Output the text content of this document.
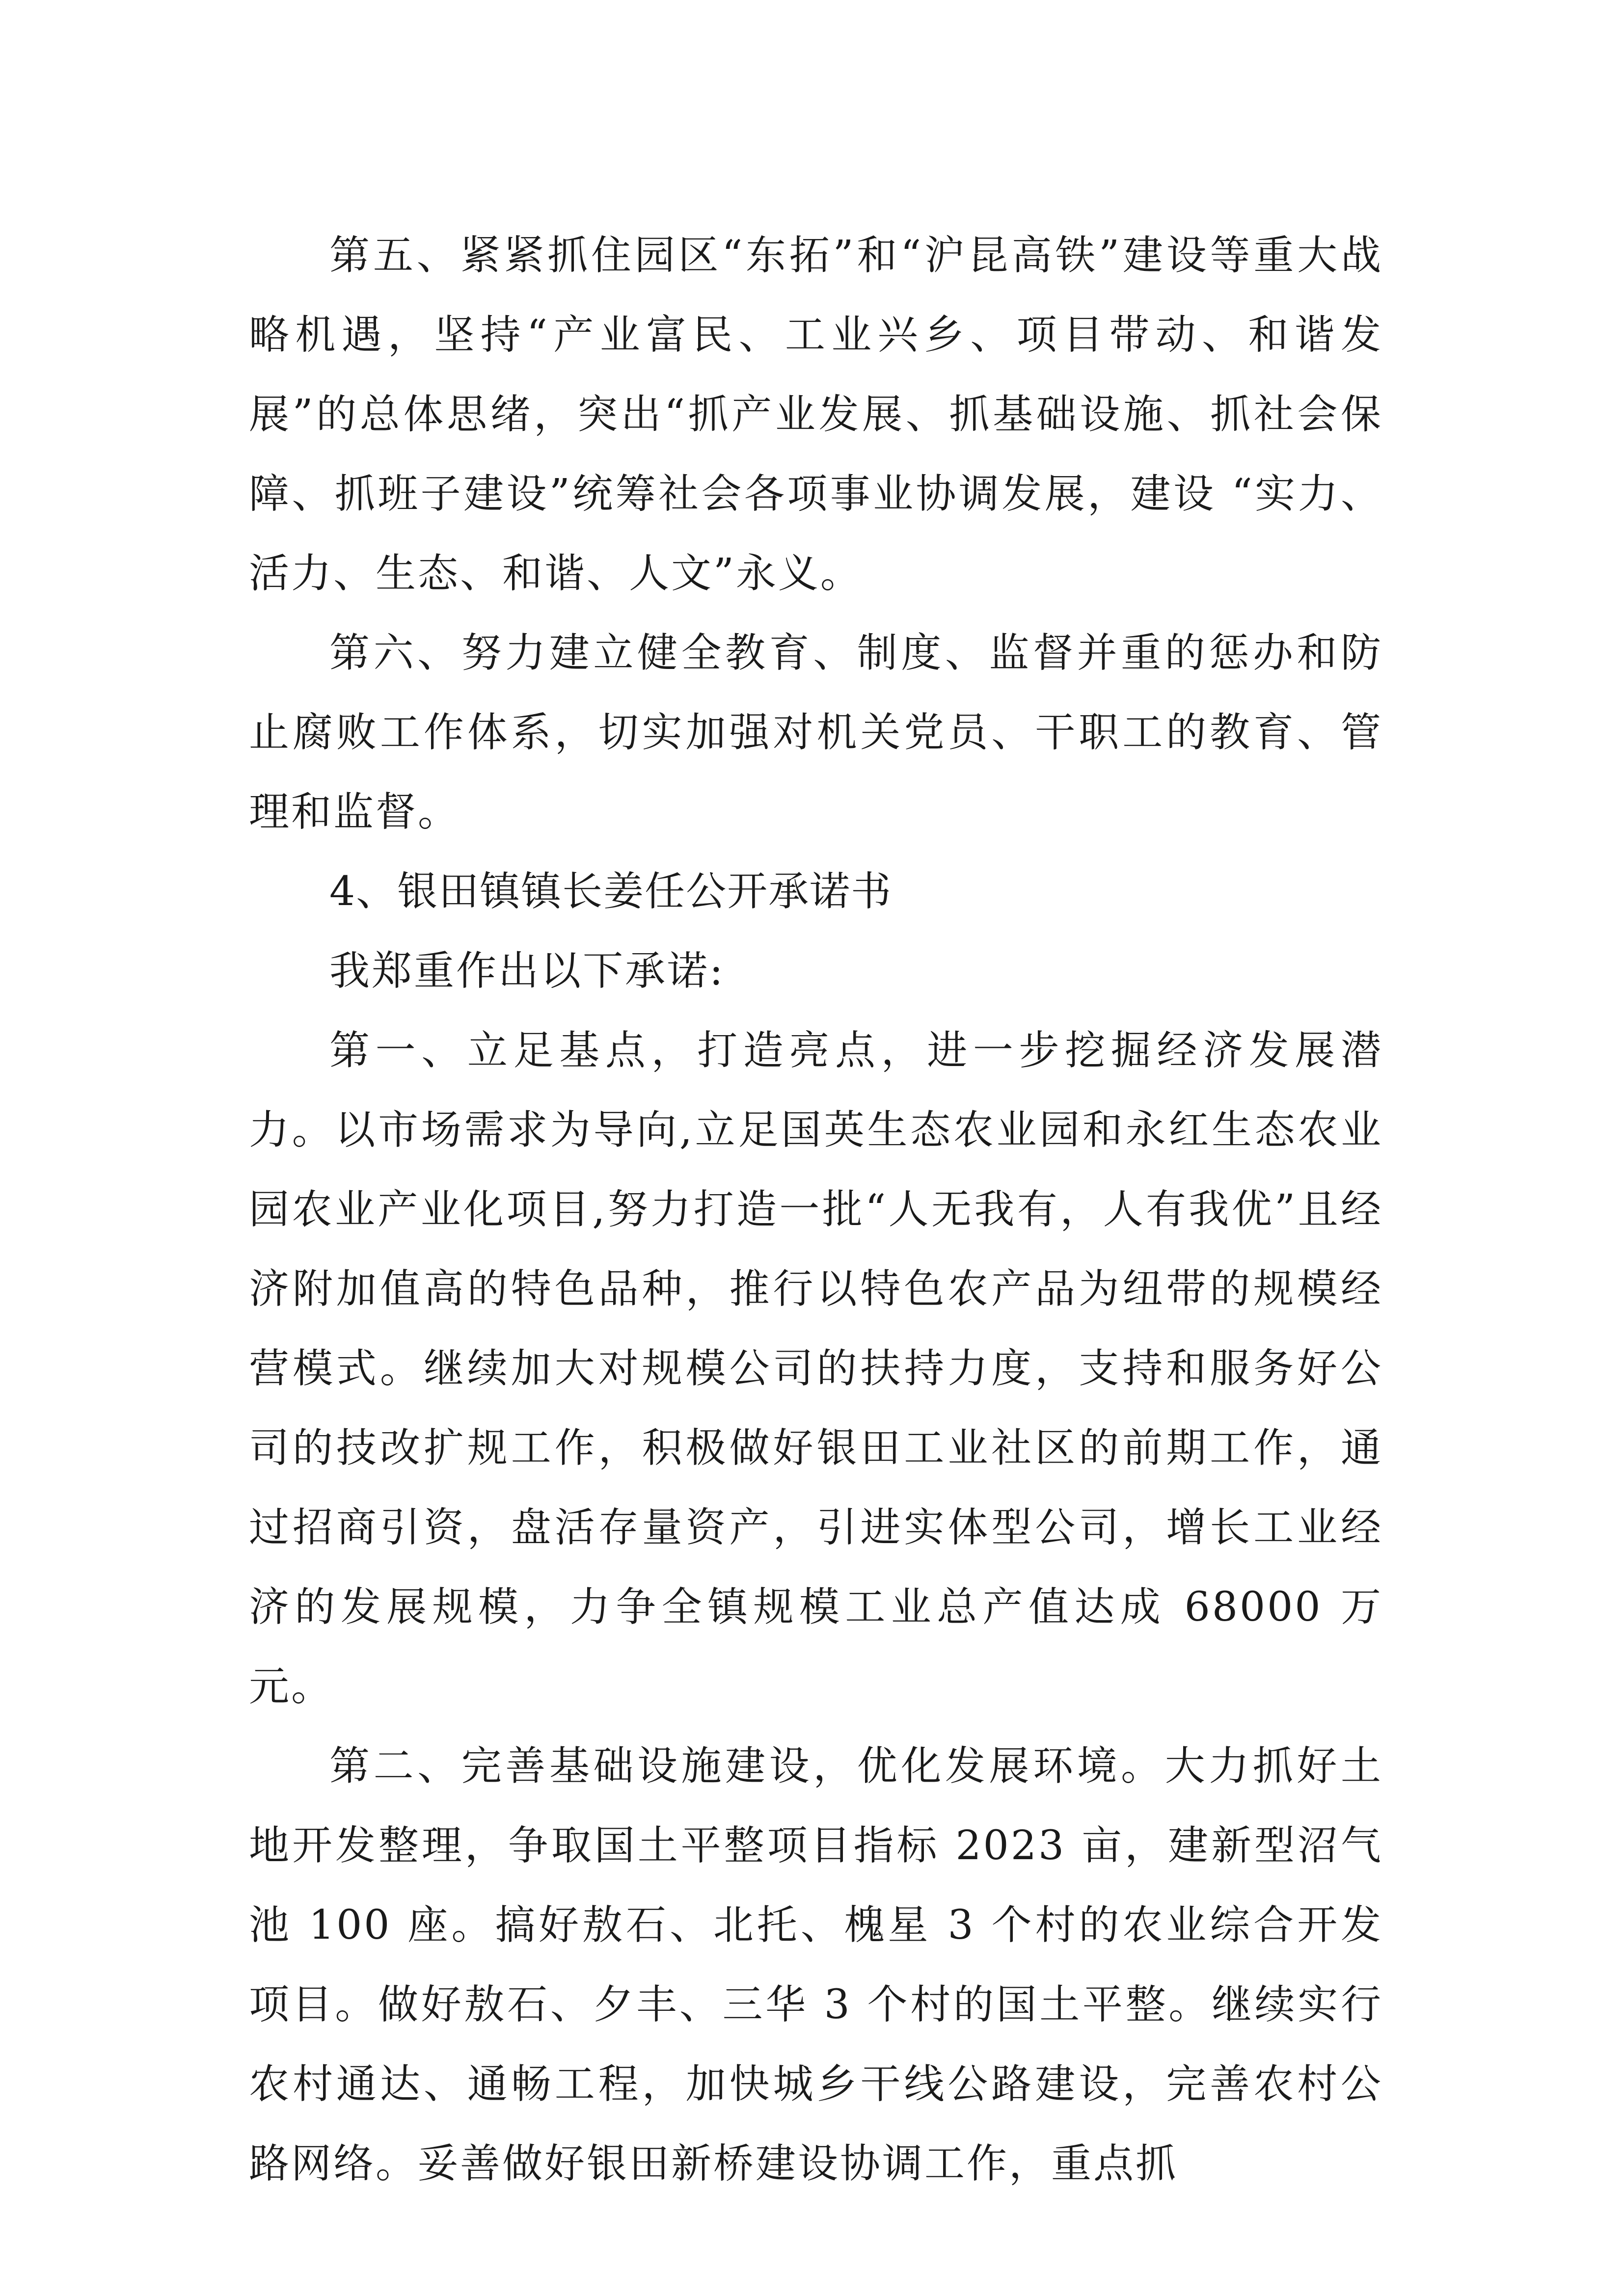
第五、紧紧抓住园区“东拓”和“沪昆高铁”建设等重大战略机遇，坚持“产业富民、工业兴乡、项目带动、和谐发展”的总体思绪，突出“抓产业发展、抓基础设施、抓社会保障、抓班子建设”统筹社会各项事业协调发展，建设 “实力、活力、生态、和谐、人文”永义。

第六、努力建立健全教育、制度、监督并重的惩办和防止腐败工作体系，切实加强对机关党员、干职工的教育、管理和监督。

4、银田镇镇长姜任公开承诺书

我郑重作出以下承诺:

第一、立足基点，打造亮点，进一步挖掘经济发展潜力。以市场需求为导向,立足国英生态农业园和永红生态农业园农业产业化项目,努力打造一批“人无我有，人有我优”且经济附加值高的特色品种，推行以特色农产品为纽带的规模经营模式。继续加大对规模公司的扶持力度，支持和服务好公司的技改扩规工作，积极做好银田工业社区的前期工作，通过招商引资，盘活存量资产，引进实体型公司，增长工业经济的发展规模，力争全镇规模工业总产值达成 68000 万元。

第二、完善基础设施建设，优化发展环境。大力抓好土地开发整理，争取国土平整项目指标 2023 亩，建新型沼气池 100 座。搞好敖石、北托、槐星 3 个村的农业综合开发项目。做好敖石、夕丰、三华 3 个村的国土平整。继续实行农村通达、通畅工程，加快城乡干线公路建设，完善农村公路网络。妥善做好银田新桥建设协调工作，重点抓
